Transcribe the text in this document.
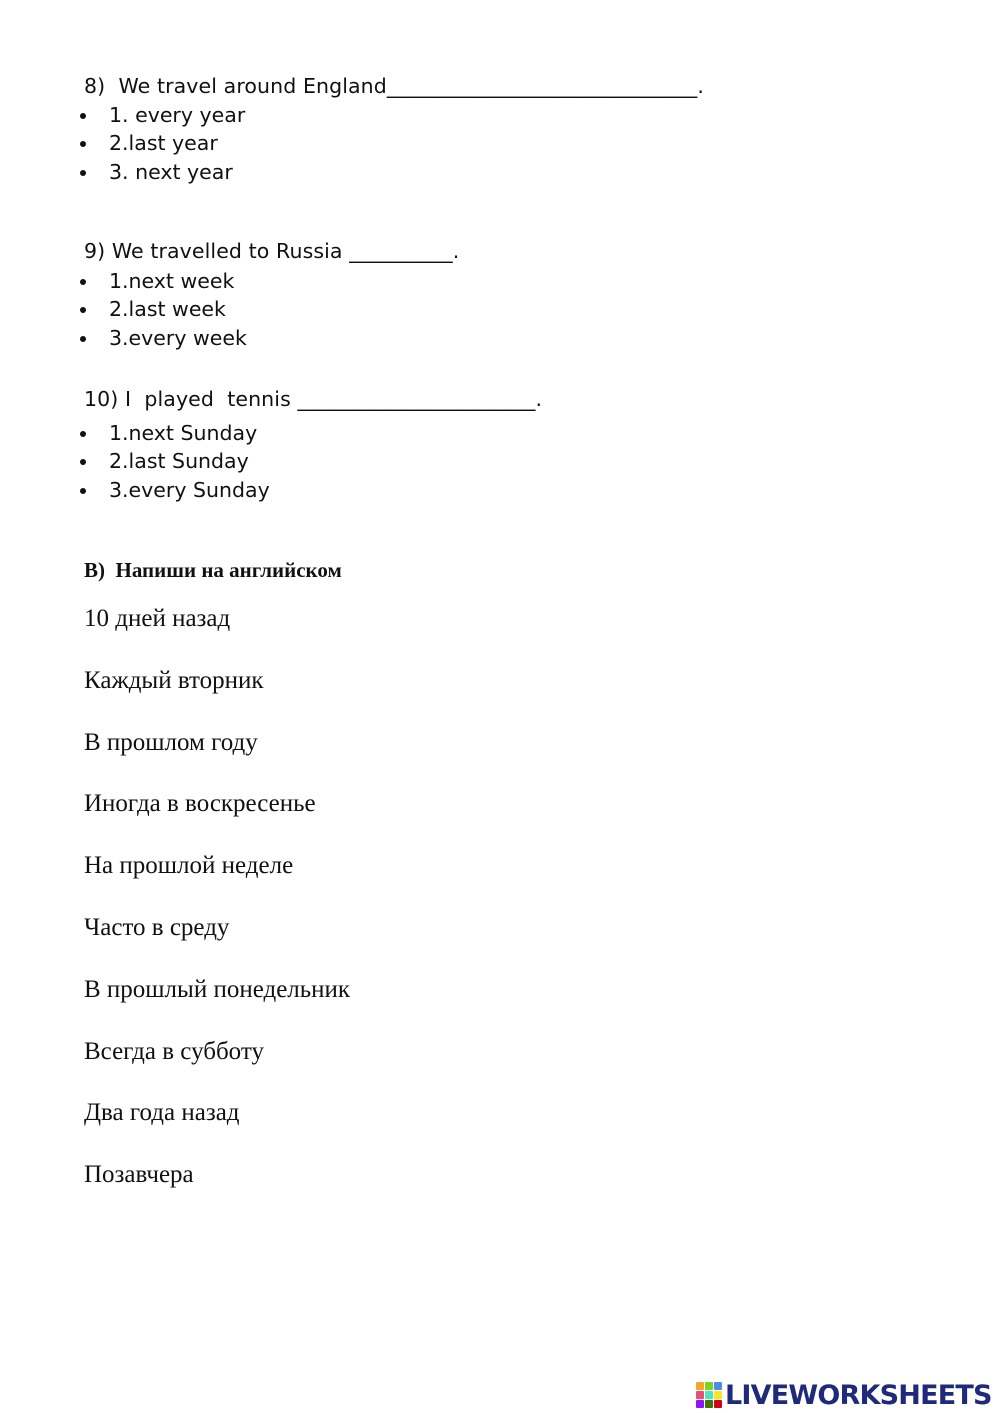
8)  We travel around England______________________________.

1. every year
2.last year
3. next year

9) We travelled to Russia __________.

1.next week
2.last week
3.every week

10) I  played  tennis _______________________.

1.next Sunday
2.last Sunday
3.every Sunday
B)  Напиши на английском
10 дней назад
Каждый вторник
В прошлом году
Иногда в воскресенье
На прошлой неделе
Часто в среду
В прошлый понедельник
Всегда в субботу
Два года назад
Позавчера
LIVEWORKSHEETS
